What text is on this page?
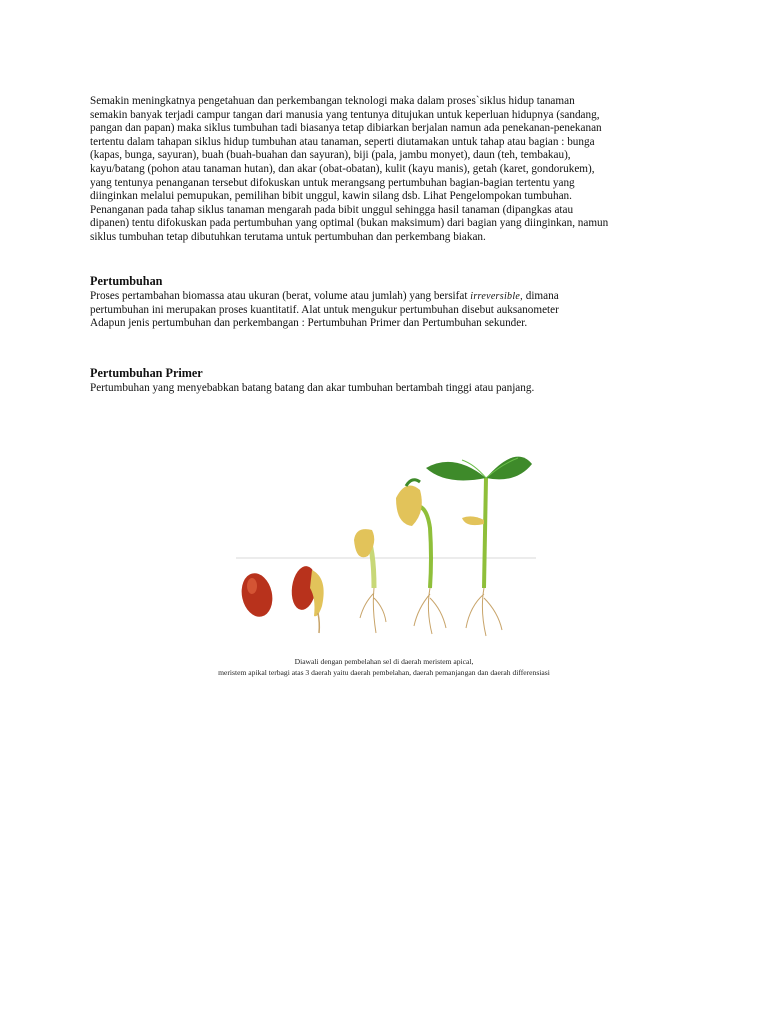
Semakin meningkatnya pengetahuan dan perkembangan teknologi maka dalam proses`siklus hidup tanaman
semakin banyak terjadi campur tangan dari manusia yang tentunya ditujukan untuk keperluan hidupnya (sandang,
pangan dan papan) maka siklus tumbuhan tadi biasanya tetap dibiarkan berjalan namun ada penekanan-penekanan
tertentu dalam tahapan siklus hidup tumbuhan atau tanaman, seperti diutamakan untuk tahap atau bagian : bunga
(kapas, bunga, sayuran), buah (buah-buahan dan sayuran), biji (pala, jambu monyet), daun (teh, tembakau),
kayu/batang (pohon atau tanaman hutan), dan akar (obat-obatan), kulit (kayu manis), getah (karet, gondorukem),
yang tentunya penanganan tersebut difokuskan untuk merangsang pertumbuhan bagian-bagian tertentu yang
diinginkan melalui pemupukan, pemilihan bibit unggul, kawin silang dsb. Lihat Pengelompokan tumbuhan.
Penanganan pada tahap siklus tanaman mengarah pada bibit unggul sehingga hasil tanaman (dipangkas atau
dipanen) tentu difokuskan pada pertumbuhan yang optimal (bukan maksimum) dari bagian yang diinginkan, namun
siklus tumbuhan tetap dibutuhkan terutama untuk pertumbuhan dan perkembang biakan.

Pertumbuhan

Proses pertambahan biomassa atau ukuran (berat, volume atau jumlah) yang bersifat irreversible, dimana
pertumbuhan ini merupakan proses kuantitatif. Alat untuk mengukur pertumbuhan disebut auksanometer
Adapun jenis pertumbuhan dan perkembangan : Pertumbuhan Primer dan Pertumbuhan sekunder.

Pertumbuhan Primer

Pertumbuhan yang menyebabkan batang batang dan akar tumbuhan bertambah tinggi atau panjang.

Diawali dengan pembelahan sel di daerah meristem apical,
meristem apikal terbagi atas 3 daerah yaitu daerah pembelahan, daerah pemanjangan dan daerah differensiasi
